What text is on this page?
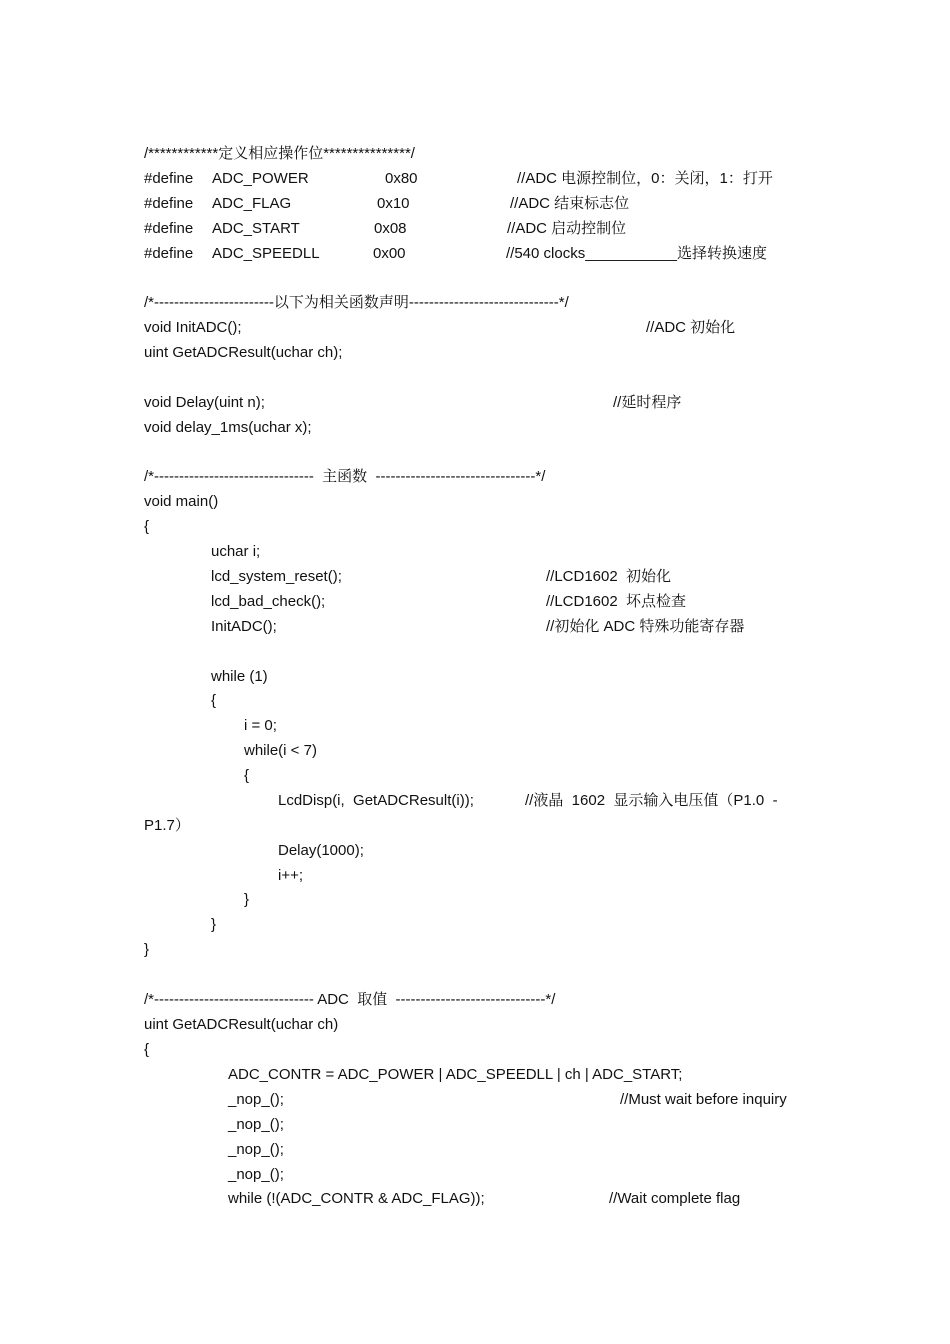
/************定义相应操作位***************/
#define ADC_POWER	0x80	//ADC 电源控制位，0：关闭，1：打开
#define ADC_FLAG	0x10	//ADC 结束标志位
#define ADC_START	0x08	//ADC 启动控制位
#define ADC_SPEEDLL	0x00	//540 clocks___________选择转换速度
/*------------------------以下为相关函数声明------------------------------*/
void InitADC();	//ADC 初始化
uint GetADCResult(uchar ch);
void Delay(uint n);	//延时程序
void delay_1ms(uchar x);
/*--------------------------------  主函数  --------------------------------*/
void main()
{
uchar i;
lcd_system_reset();	//LCD1602  初始化
lcd_bad_check();	//LCD1602  坏点检查
InitADC();	//初始化 ADC 特殊功能寄存器
while (1)
{
i = 0;
while(i < 7)
{
LcdDisp(i,  GetADCResult(i));	//液晶  1602  显示输入电压值（P1.0  -
P1.7）
Delay(1000);
i++;
}
}
}
/*-------------------------------- ADC  取值  ------------------------------*/
uint GetADCResult(uchar ch)
{
ADC_CONTR = ADC_POWER | ADC_SPEEDLL | ch | ADC_START;
_nop_();	//Must wait before inquiry
_nop_();
_nop_();
_nop_();
while (!(ADC_CONTR & ADC_FLAG));	//Wait complete flag
